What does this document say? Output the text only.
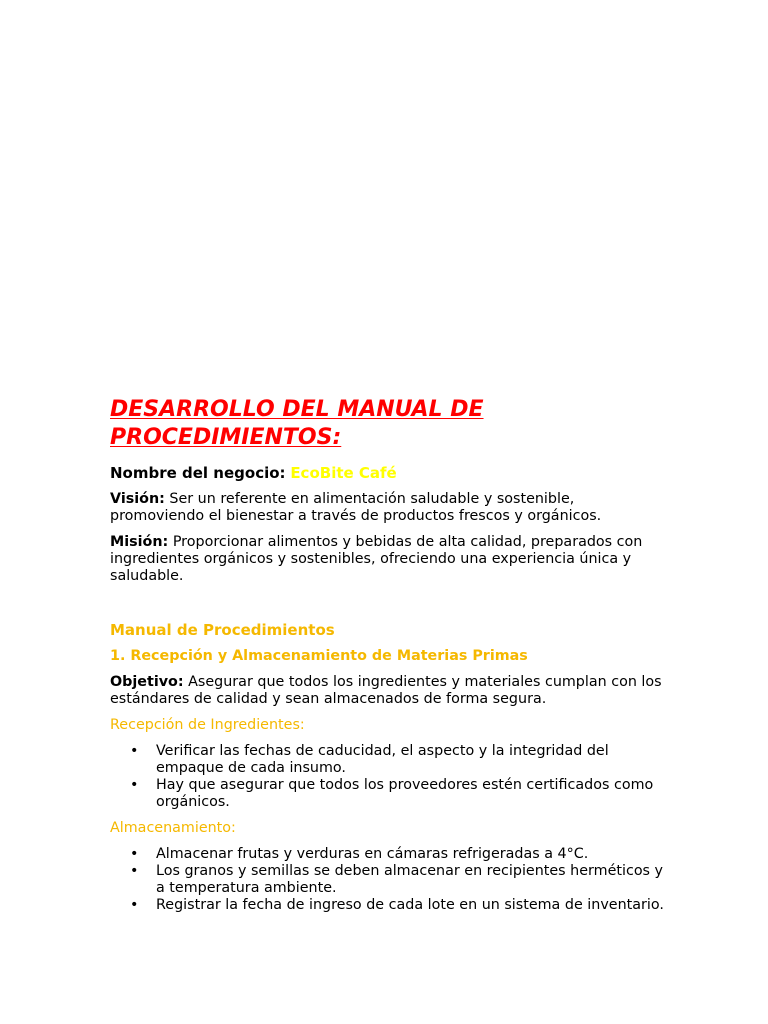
DESARROLLO DEL MANUAL DE PROCEDIMIENTOS:

Nombre del negocio: EcoBite Café

Visión: Ser un referente en alimentación saludable y sostenible, promoviendo el bienestar a través de productos frescos y orgánicos.

Misión: Proporcionar alimentos y bebidas de alta calidad, preparados con ingredientes orgánicos y sostenibles, ofreciendo una experiencia única y saludable.

Manual de Procedimientos
1. Recepción y Almacenamiento de Materias Primas

Objetivo: Asegurar que todos los ingredientes y materiales cumplan con los estándares de calidad y sean almacenados de forma segura.

Recepción de Ingredientes:
• Verificar las fechas de caducidad, el aspecto y la integridad del empaque de cada insumo.
• Hay que asegurar que todos los proveedores estén certificados como orgánicos.
Almacenamiento:
• Almacenar frutas y verduras en cámaras refrigeradas a 4°C.
• Los granos y semillas se deben almacenar en recipientes herméticos y a temperatura ambiente.
• Registrar la fecha de ingreso de cada lote en un sistema de inventario.
